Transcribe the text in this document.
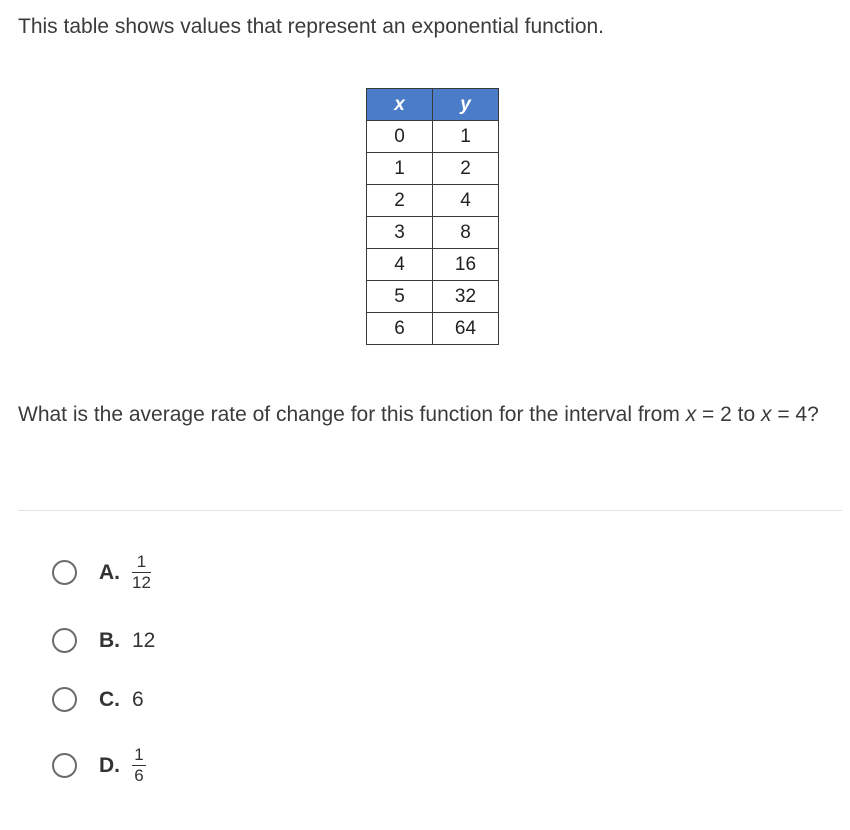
This table shows values that represent an exponential function.
x	y
0	1
1	2
2	4
3	8
4	16
5	32
6	64
What is the average rate of change for this function for the interval from x = 2 to x = 4?
A. $\frac{1}{12}$
B. 12
C. 6
D. $\frac{1}{6}$
